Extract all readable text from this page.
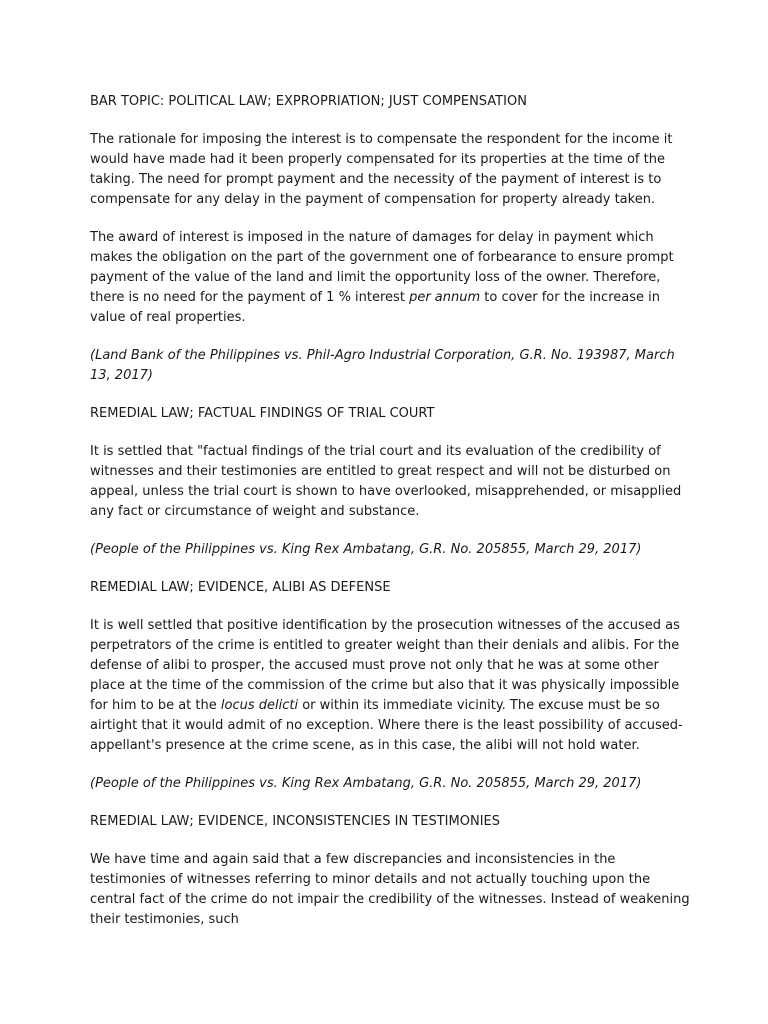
BAR TOPIC: POLITICAL LAW; EXPROPRIATION; JUST COMPENSATION

The rationale for imposing the interest is to compensate the respondent for the income it would have made had it been properly compensated for its properties at the time of the taking. The need for prompt payment and the necessity of the payment of interest is to compensate for any delay in the payment of compensation for property already taken.

The award of interest is imposed in the nature of damages for delay in payment which makes the obligation on the part of the government one of forbearance to ensure prompt payment of the value of the land and limit the opportunity loss of the owner. Therefore, there is no need for the payment of 1 % interest per annum to cover for the increase in value of real properties.

(Land Bank of the Philippines vs. Phil-Agro Industrial Corporation, G.R. No. 193987, March 13, 2017)

REMEDIAL LAW; FACTUAL FINDINGS OF TRIAL COURT

It is settled that "factual findings of the trial court and its evaluation of the credibility of witnesses and their testimonies are entitled to great respect and will not be disturbed on appeal, unless the trial court is shown to have overlooked, misapprehended, or misapplied any fact or circumstance of weight and substance.

(People of the Philippines vs. King Rex Ambatang, G.R. No. 205855, March 29, 2017)

REMEDIAL LAW; EVIDENCE, ALIBI AS DEFENSE

It is well settled that positive identification by the prosecution witnesses of the accused as perpetrators of the crime is entitled to greater weight than their denials and alibis. For the defense of alibi to prosper, the accused must prove not only that he was at some other place at the time of the commission of the crime but also that it was physically impossible for him to be at the locus delicti or within its immediate vicinity. The excuse must be so airtight that it would admit of no exception. Where there is the least possibility of accused-appellant's presence at the crime scene, as in this case, the alibi will not hold water.

(People of the Philippines vs. King Rex Ambatang, G.R. No. 205855, March 29, 2017)

REMEDIAL LAW; EVIDENCE, INCONSISTENCIES IN TESTIMONIES

We have time and again said that a few discrepancies and inconsistencies in the testimonies of witnesses referring to minor details and not actually touching upon the central fact of the crime do not impair the credibility of the witnesses. Instead of weakening their testimonies, such
